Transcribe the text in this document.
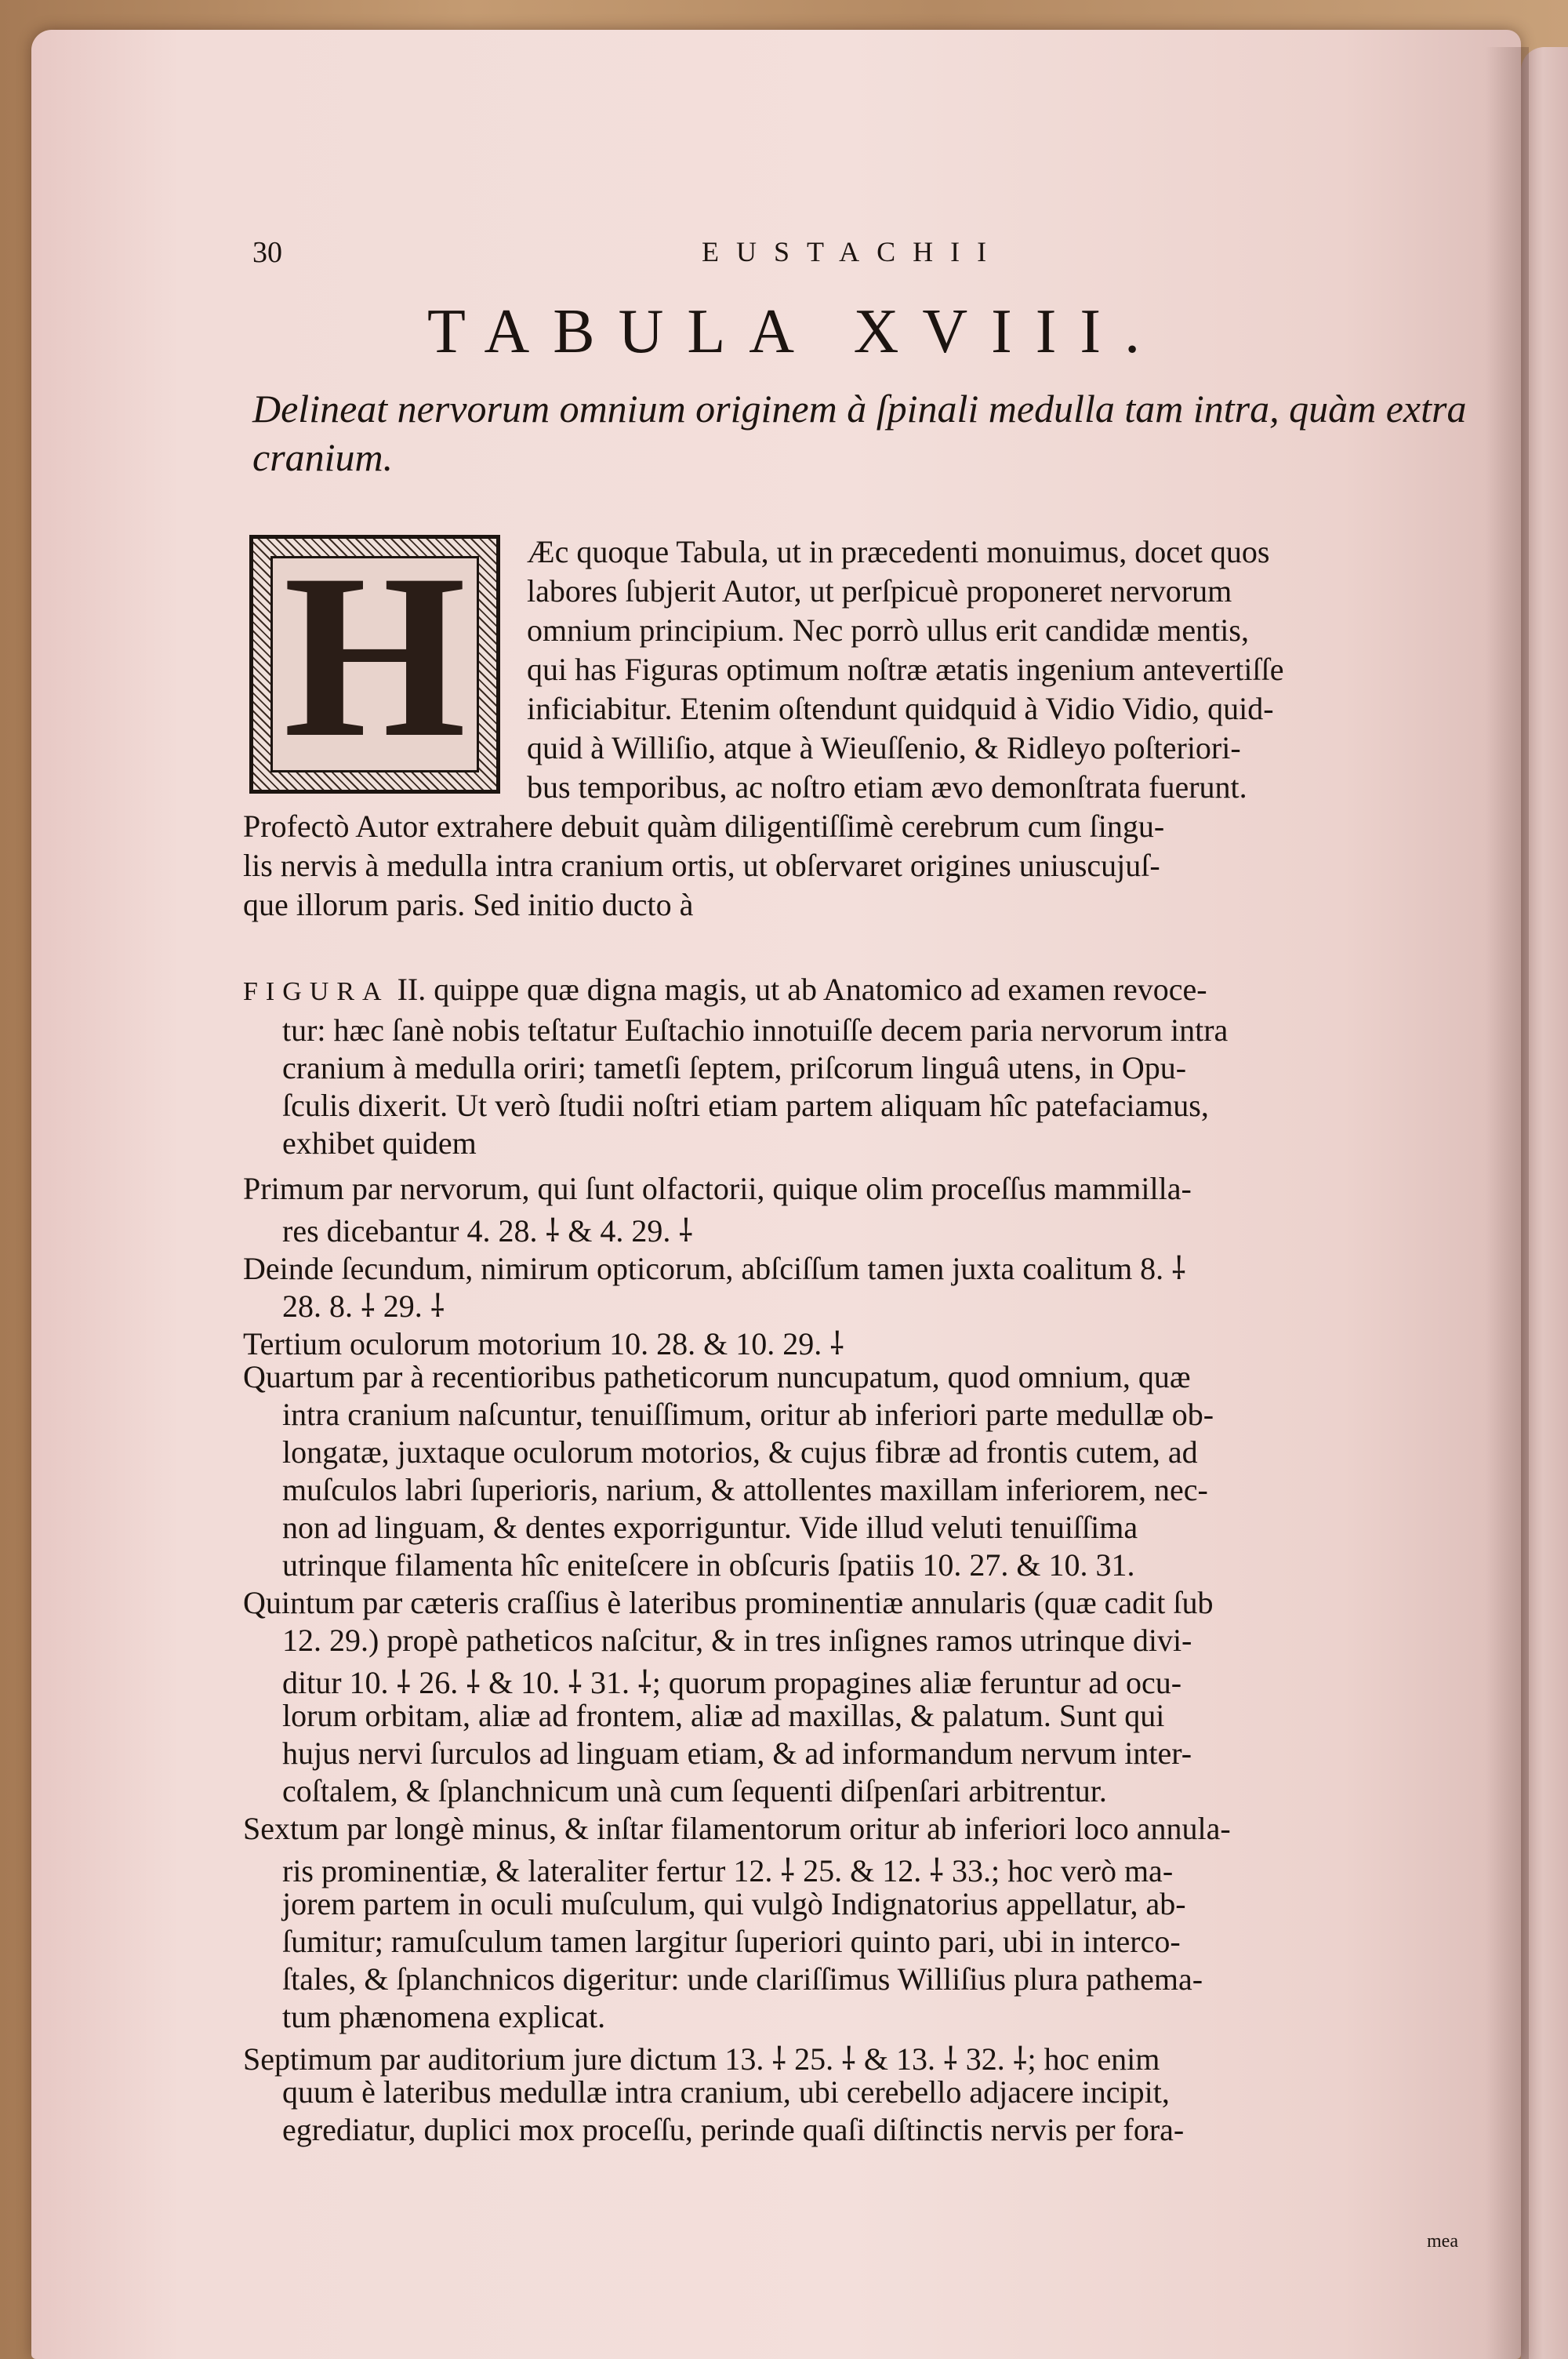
30	EUSTACHII
TABULA XVIII.
Delineat nervorum omnium originem à ſpinali medulla tam intra, quàm extra cranium.
H
FIGURA II. quippe quæ digna magis, ut ab Anatomico ad examen revoce-
mea
Æc quoque Tabula, ut in præcedenti monuimus, docet quos
labores ſubjerit Autor, ut perſpicuè proponeret nervorum
omnium principium. Nec porrò ullus erit candidæ mentis,
qui has Figuras optimum noſtræ ætatis ingenium antevertiſſe
inficiabitur. Etenim oſtendunt quidquid à Vidio Vidio, quid-
quid à Williſio, atque à Wieuſſenio, & Ridleyo poſteriori-
bus temporibus, ac noſtro etiam ævo demonſtrata fuerunt.
Profectò Autor extrahere debuit quàm diligentiſſimè cerebrum cum ſingu-
lis nervis à medulla intra cranium ortis, ut obſervaret origines uniuscujuſ-
que illorum paris. Sed initio ducto à
tur: hæc ſanè nobis teſtatur Euſtachio innotuiſſe decem paria nervorum intra
cranium à medulla oriri; tametſi ſeptem, priſcorum linguâ utens, in Opu-
ſculis dixerit. Ut verò ſtudii noſtri etiam partem aliquam hîc patefaciamus,
exhibet quidem
Primum par nervorum, qui ſunt olfactorii, quique olim proceſſus mammilla-
res dicebantur 4. 28. ⸸ & 4. 29. ⸸
Deinde ſecundum, nimirum opticorum, abſciſſum tamen juxta coalitum 8. ⸸
28. 8. ⸸ 29. ⸸
Tertium oculorum motorium 10. 28. & 10. 29. ⸸
Quartum par à recentioribus patheticorum nuncupatum, quod omnium, quæ
intra cranium naſcuntur, tenuiſſimum, oritur ab inferiori parte medullæ ob-
longatæ, juxtaque oculorum motorios, & cujus fibræ ad frontis cutem, ad
muſculos labri ſuperioris, narium, & attollentes maxillam inferiorem, nec-
non ad linguam, & dentes exporriguntur. Vide illud veluti tenuiſſima
utrinque filamenta hîc eniteſcere in obſcuris ſpatiis 10. 27. & 10. 31.
Quintum par cæteris craſſius è lateribus prominentiæ annularis (quæ cadit ſub
12. 29.) propè patheticos naſcitur, & in tres inſignes ramos utrinque divi-
ditur 10. ⸸ 26. ⸸ & 10. ⸸ 31. ⸸; quorum propagines aliæ feruntur ad ocu-
lorum orbitam, aliæ ad frontem, aliæ ad maxillas, & palatum. Sunt qui
hujus nervi ſurculos ad linguam etiam, & ad informandum nervum inter-
coſtalem, & ſplanchnicum unà cum ſequenti diſpenſari arbitrentur.
Sextum par longè minus, & inſtar filamentorum oritur ab inferiori loco annula-
ris prominentiæ, & lateraliter fertur 12. ⸸ 25. & 12. ⸸ 33.; hoc verò ma-
jorem partem in oculi muſculum, qui vulgò Indignatorius appellatur, ab-
ſumitur; ramuſculum tamen largitur ſuperiori quinto pari, ubi in interco-
ſtales, & ſplanchnicos digeritur: unde clariſſimus Williſius plura pathema-
tum phænomena explicat.
Septimum par auditorium jure dictum 13. ⸸ 25. ⸸ & 13. ⸸ 32. ⸸; hoc enim
quum è lateribus medullæ intra cranium, ubi cerebello adjacere incipit,
egrediatur, duplici mox proceſſu, perinde quaſi diſtinctis nervis per fora-
